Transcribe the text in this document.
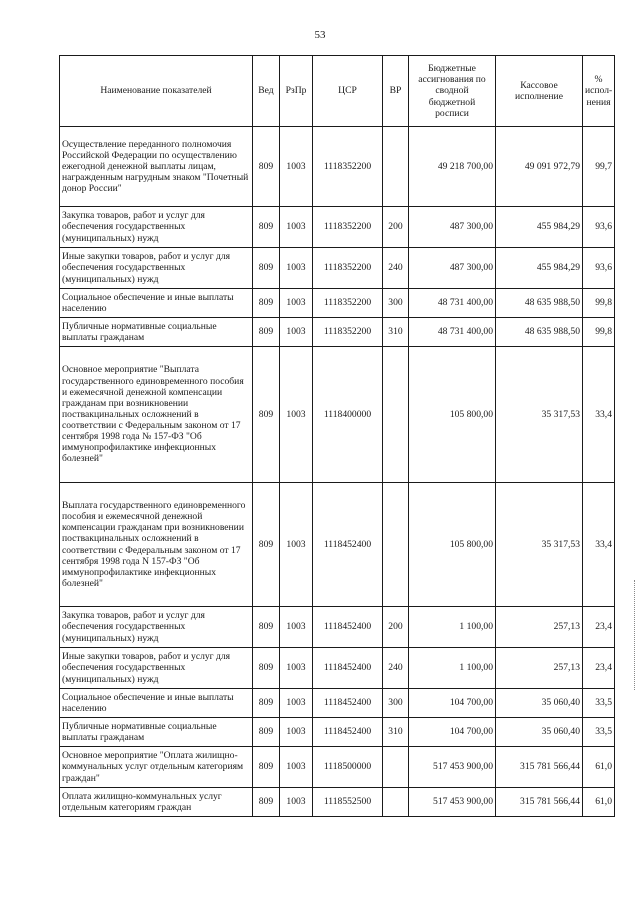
53
Наименование показателей	Вед	РзПр	ЦСР	ВР	Бюджетные ассигнования по сводной бюджетной росписи	Кассовое исполнение	% испол-нения
Осуществление переданного полномочия Российской Федерации по осуществлению ежегодной денежной выплаты лицам, награжденным нагрудным знаком "Почетный донор России"	809	1003	1118352200		49 218 700,00	49 091 972,79	99,7
Закупка товаров, работ и услуг для обеспечения государственных (муниципальных) нужд	809	1003	1118352200	200	487 300,00	455 984,29	93,6
Иные закупки товаров, работ и услуг для обеспечения государственных (муниципальных) нужд	809	1003	1118352200	240	487 300,00	455 984,29	93,6
Социальное обеспечение и иные выплаты населению	809	1003	1118352200	300	48 731 400,00	48 635 988,50	99,8
Публичные нормативные социальные выплаты гражданам	809	1003	1118352200	310	48 731 400,00	48 635 988,50	99,8
Основное мероприятие "Выплата государственного единовременного пособия и ежемесячной денежной компенсации гражданам при возникновении поствакцинальных осложнений в соответствии с Федеральным законом от 17 сентября 1998 года № 157-ФЗ "Об иммунопрофилактике инфекционных болезней"	809	1003	1118400000		105 800,00	35 317,53	33,4
Выплата государственного единовременного пособия и ежемесячной денежной компенсации гражданам при возникновении поствакцинальных осложнений в соответствии с Федеральным законом от 17 сентября 1998 года N 157-ФЗ "Об иммунопрофилактике инфекционных болезней"	809	1003	1118452400		105 800,00	35 317,53	33,4
Закупка товаров, работ и услуг для обеспечения государственных (муниципальных) нужд	809	1003	1118452400	200	1 100,00	257,13	23,4
Иные закупки товаров, работ и услуг для обеспечения государственных (муниципальных) нужд	809	1003	1118452400	240	1 100,00	257,13	23,4
Социальное обеспечение и иные выплаты населению	809	1003	1118452400	300	104 700,00	35 060,40	33,5
Публичные нормативные социальные выплаты гражданам	809	1003	1118452400	310	104 700,00	35 060,40	33,5
Основное мероприятие "Оплата жилищно-коммунальных услуг отдельным категориям граждан"	809	1003	1118500000		517 453 900,00	315 781 566,44	61,0
Оплата жилищно-коммунальных услуг отдельным категориям граждан	809	1003	1118552500		517 453 900,00	315 781 566,44	61,0
